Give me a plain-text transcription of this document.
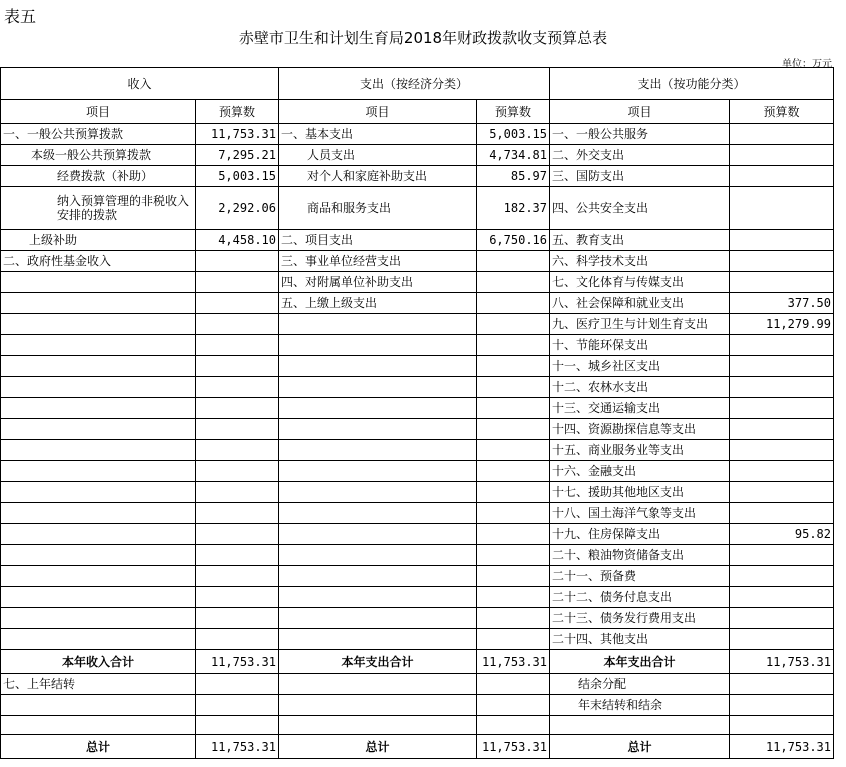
表五
赤壁市卫生和计划生育局2018年财政拨款收支预算总表
单位：万元
收入		支出（按经济分类）		支出（按功能分类）	
项目	预算数	项目	预算数	项目	预算数
一、一般公共预算拨款	11,753.31	一、基本支出	5,003.15	一、一般公共服务	
本级一般公共预算拨款	7,295.21	人员支出	4,734.81	二、外交支出	
经费拨款（补助）	5,003.15	对个人和家庭补助支出	85.97	三、国防支出	
纳入预算管理的非税收入安排的拨款	2,292.06	商品和服务支出	182.37	四、公共安全支出	
上级补助	4,458.10	二、项目支出	6,750.16	五、教育支出	
二、政府性基金收入		三、事业单位经营支出		六、科学技术支出	
		四、对附属单位补助支出		七、文化体育与传媒支出	
		五、上缴上级支出		八、社会保障和就业支出	377.50
				九、医疗卫生与计划生育支出	11,279.99
				十、节能环保支出	
				十一、城乡社区支出	
				十二、农林水支出	
				十三、交通运输支出	
				十四、资源勘探信息等支出	
				十五、商业服务业等支出	
				十六、金融支出	
				十七、援助其他地区支出	
				十八、国土海洋气象等支出	
				十九、住房保障支出	95.82
				二十、粮油物资储备支出	
				二十一、预备费	
				二十二、债务付息支出	
				二十三、债务发行费用支出	
				二十四、其他支出	
本年收入合计	11,753.31	本年支出合计	11,753.31	本年支出合计	11,753.31
七、上年结转				结余分配	
				年末结转和结余	

总计	11,753.31	总计	11,753.31	总计	11,753.31
